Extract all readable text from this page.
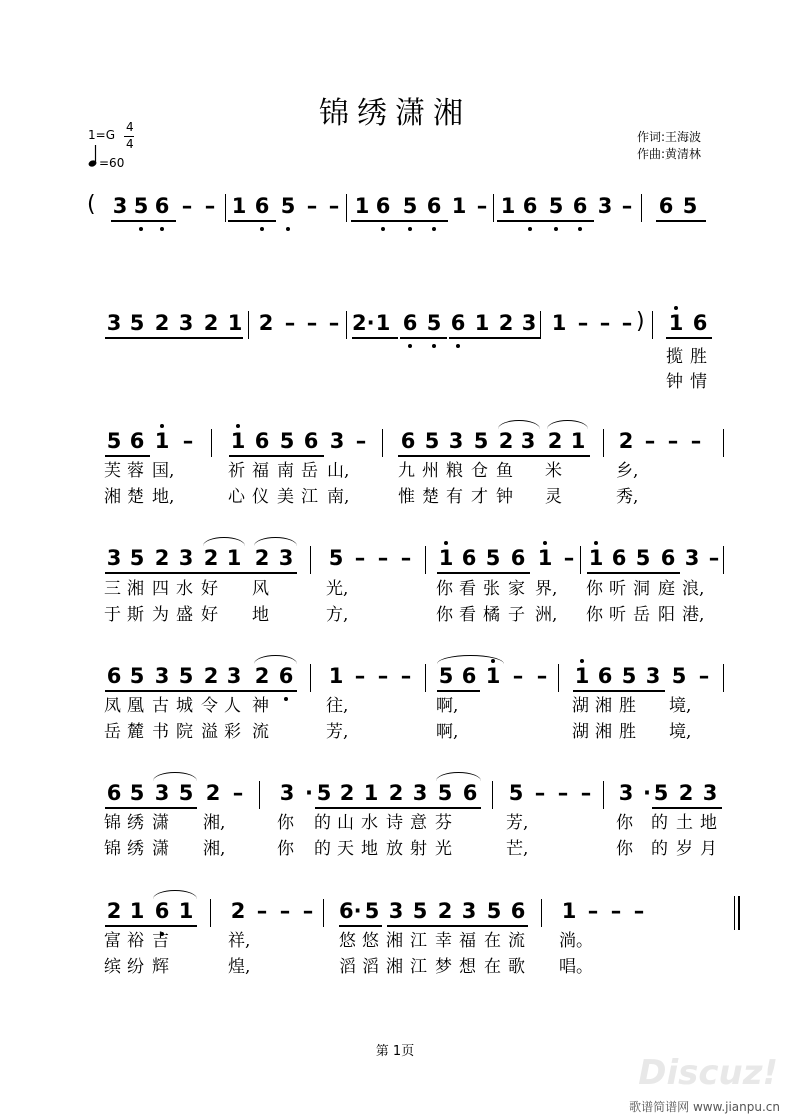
锦绣潇湘
1=G
4
4
=60
作词:王海波
作曲:黄清林
( 3 5 6 – – 1 6 5 – – 1 6 5 6 1 – 1 6 5 6 3 – 6 5
)
3 5 2 3 2 1 2 – – – 2· 1 6 5 6 1 2 3 1 – – – 1 6
5 6 1 – 1 6 5 6 3 – 6 5 3 5 2 3 2 1 2 – – –
3 5 2 3 2 1 2 3 5 – – – 1 6 5 6 1 – 1 6 5 6 3 –
6 5 3 5 2 3 2 6 1 – – – 5 6 1 – – 1 6 5 3 5 –
6 5 3 5 2 – 3 · 5 2 1 2 3 5 6 5 – – – 3 · 5 2 3
2 1 6 1 2 – – – 6· 5 3 5 2 3 5 6 1 – – –
揽 胜
钟 情
芙 蓉 国,	祈 福 南 岳 山,	九 州 粮 仓 鱼 米	乡,
湘 楚 地,	心 仪 美 江 南,	惟 楚 有 才 钟 灵	秀,
三 湘 四 水 好 风	光,	你 看 张 家 界,	你 听 洞 庭 浪,
于 斯 为 盛 好 地	方,	你 看 橘 子 洲,	你 听 岳 阳 港,
凤 凰 古 城 令 人 神	往,	啊,	湖 湘 胜 境,
岳 麓 书 院 溢 彩 流	芳,	啊,	湖 湘 胜 境,
锦 绣 潇 湘,	你 的 山 水 诗 意 芬	芳,	你 的 土 地
锦 绣 潇 湘,	你 的 天 地 放 射 光	芒,	你 的 岁 月
富 裕 吉	祥,	悠 悠 湘 江 幸 福 在 流 淌。
缤 纷 辉	煌,	滔 滔 湘 江 梦 想 在 歌 唱。
第 1页
Discuz!
歌谱简谱网 www.jianpu.cn
